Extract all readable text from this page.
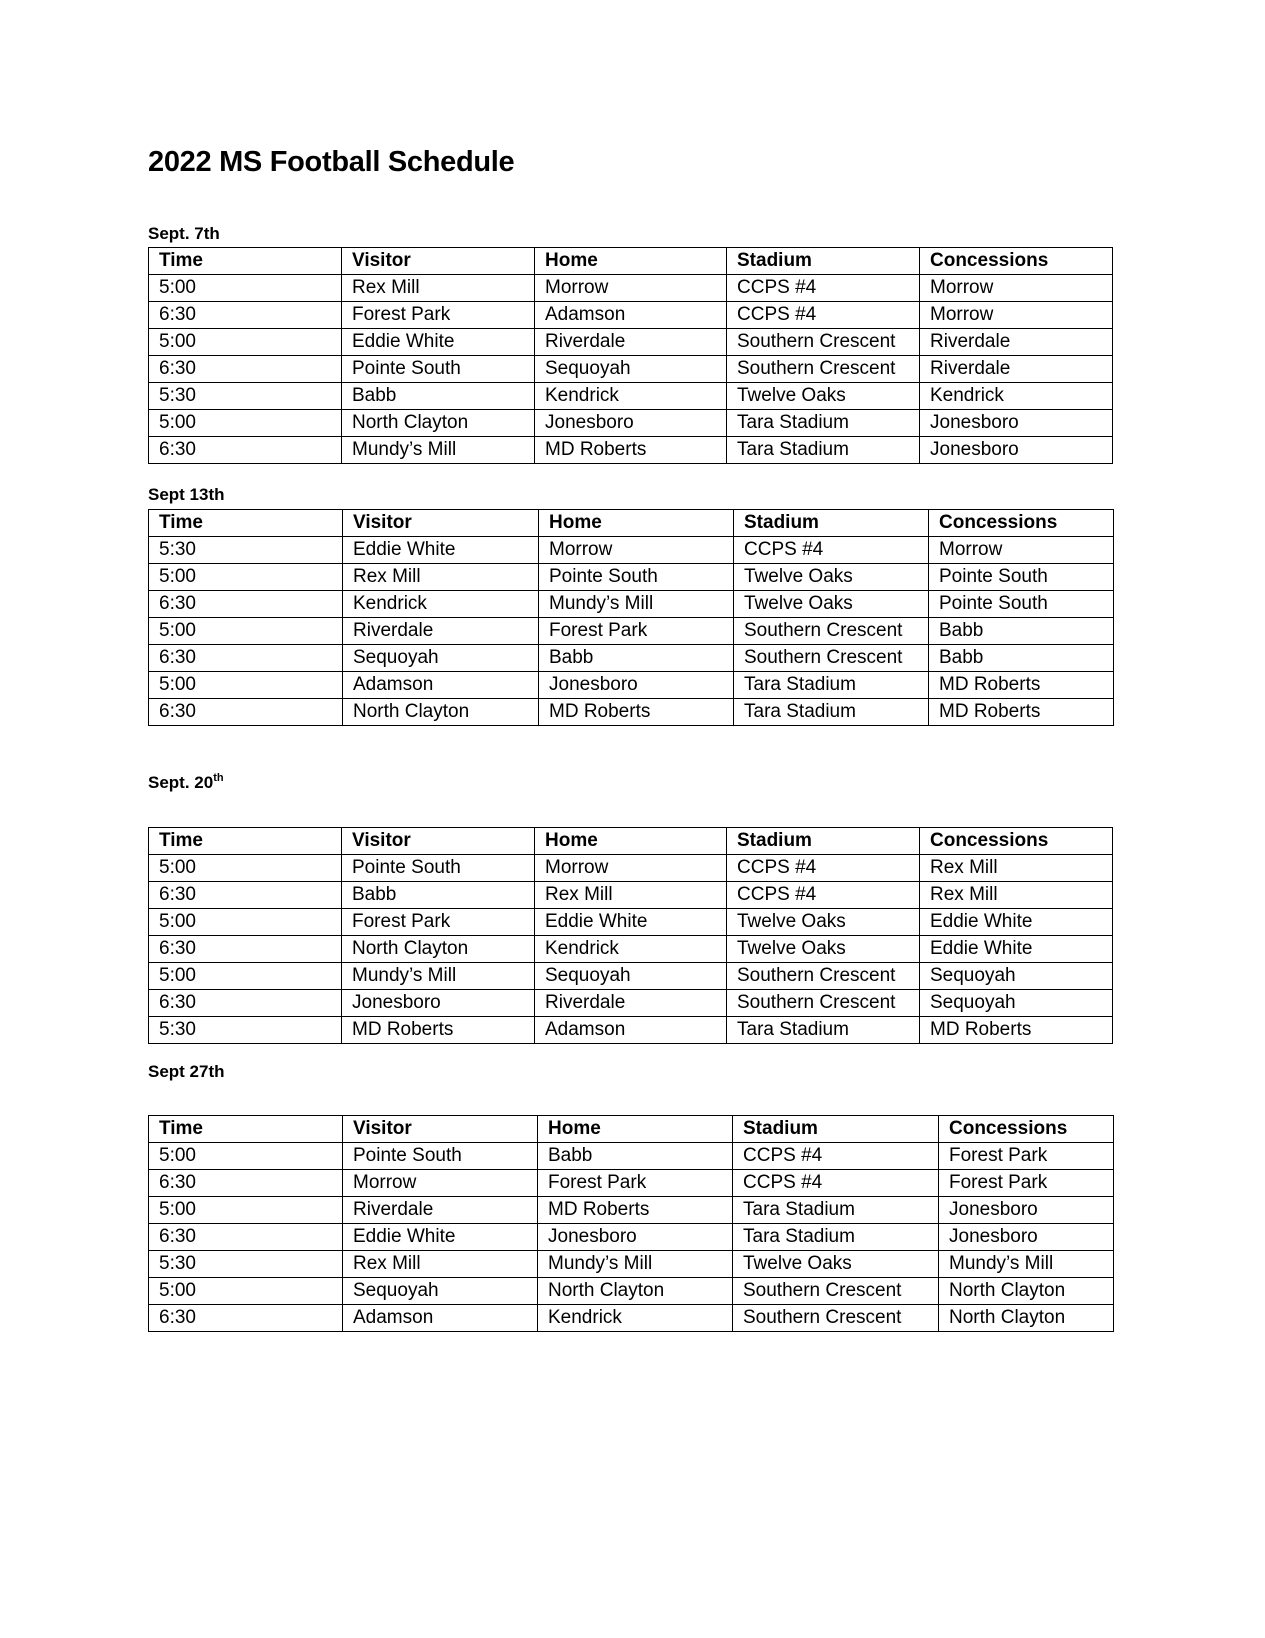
2022 MS Football Schedule
Sept. 7th
Time	Visitor	Home	Stadium	Concessions
5:00	Rex Mill	Morrow	CCPS #4	Morrow
6:30	Forest Park	Adamson	CCPS #4	Morrow
5:00	Eddie White	Riverdale	Southern Crescent	Riverdale
6:30	Pointe South	Sequoyah	Southern Crescent	Riverdale
5:30	Babb	Kendrick	Twelve Oaks	Kendrick
5:00	North Clayton	Jonesboro	Tara Stadium	Jonesboro
6:30	Mundy’s Mill	MD Roberts	Tara Stadium	Jonesboro
Sept 13th
Time	Visitor	Home	Stadium	Concessions
5:30	Eddie White	Morrow	CCPS #4	Morrow
5:00	Rex Mill	Pointe South	Twelve Oaks	Pointe South
6:30	Kendrick	Mundy’s Mill	Twelve Oaks	Pointe South
5:00	Riverdale	Forest Park	Southern Crescent	Babb
6:30	Sequoyah	Babb	Southern Crescent	Babb
5:00	Adamson	Jonesboro	Tara Stadium	MD Roberts
6:30	North Clayton	MD Roberts	Tara Stadium	MD Roberts
Sept. 20th
Time	Visitor	Home	Stadium	Concessions
5:00	Pointe South	Morrow	CCPS #4	Rex Mill
6:30	Babb	Rex Mill	CCPS #4	Rex Mill
5:00	Forest Park	Eddie White	Twelve Oaks	Eddie White
6:30	North Clayton	Kendrick	Twelve Oaks	Eddie White
5:00	Mundy’s Mill	Sequoyah	Southern Crescent	Sequoyah
6:30	Jonesboro	Riverdale	Southern Crescent	Sequoyah
5:30	MD Roberts	Adamson	Tara Stadium	MD Roberts
Sept 27th
Time	Visitor	Home	Stadium	Concessions
5:00	Pointe South	Babb	CCPS #4	Forest Park
6:30	Morrow	Forest Park	CCPS #4	Forest Park
5:00	Riverdale	MD Roberts	Tara Stadium	Jonesboro
6:30	Eddie White	Jonesboro	Tara Stadium	Jonesboro
5:30	Rex Mill	Mundy’s Mill	Twelve Oaks	Mundy’s Mill
5:00	Sequoyah	North Clayton	Southern Crescent	North Clayton
6:30	Adamson	Kendrick	Southern Crescent	North Clayton
